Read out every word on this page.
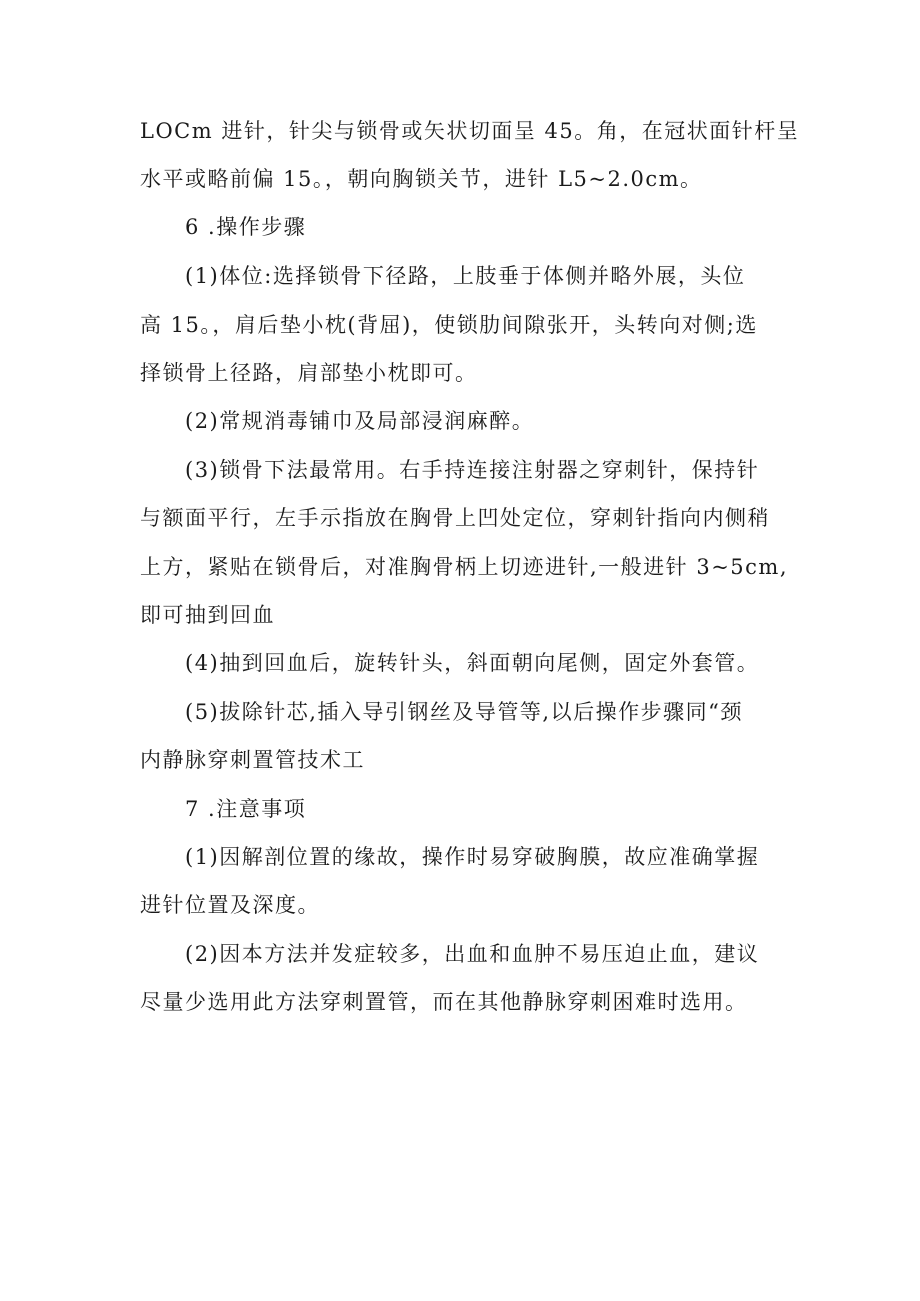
LOCm 进针，针尖与锁骨或矢状切面呈 45。角，在冠状面针杆呈
水平或略前偏 15。，朝向胸锁关节，进针 L5~2.0cm。
6 .操作步骤
(1)体位:选择锁骨下径路，上肢垂于体侧并略外展，头位
高 15。，肩后垫小枕(背屈)，使锁肋间隙张开，头转向对侧;选
择锁骨上径路，肩部垫小枕即可。
(2)常规消毒铺巾及局部浸润麻醉。
(3)锁骨下法最常用。右手持连接注射器之穿刺针，保持针
与额面平行，左手示指放在胸骨上凹处定位，穿刺针指向内侧稍
上方，紧贴在锁骨后，对准胸骨柄上切迹进针,一般进针 3~5cm,
即可抽到回血
(4)抽到回血后，旋转针头，斜面朝向尾侧，固定外套管。
(5)拔除针芯,插入导引钢丝及导管等,以后操作步骤同“颈
内静脉穿刺置管技术工
7 .注意事项
(1)因解剖位置的缘故，操作时易穿破胸膜，故应准确掌握
进针位置及深度。
(2)因本方法并发症较多，出血和血肿不易压迫止血，建议
尽量少选用此方法穿刺置管，而在其他静脉穿刺困难时选用。
